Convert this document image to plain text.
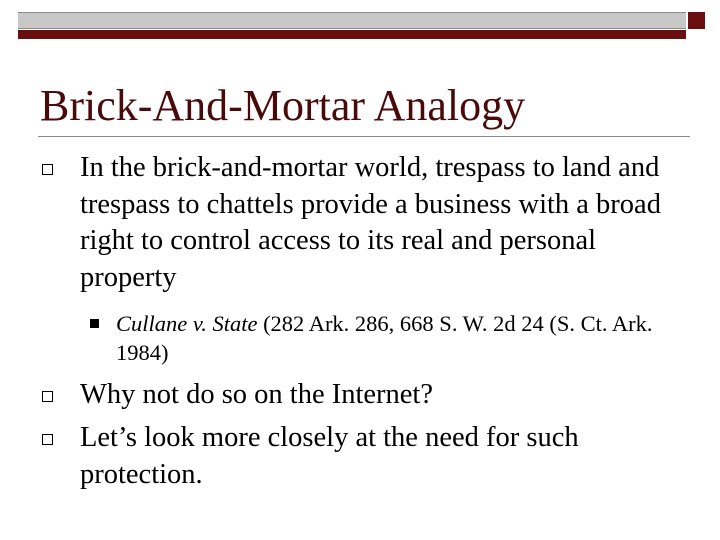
Brick-And-Mortar Analogy
In the brick-and-mortar world, trespass to land and trespass to chattels provide a business with a broad right to control access to its real and personal property
Cullane v. State (282 Ark. 286, 668 S. W. 2d 24 (S. Ct. Ark. 1984)
Why not do so on the Internet?
Let’s look more closely at the need for such protection.
